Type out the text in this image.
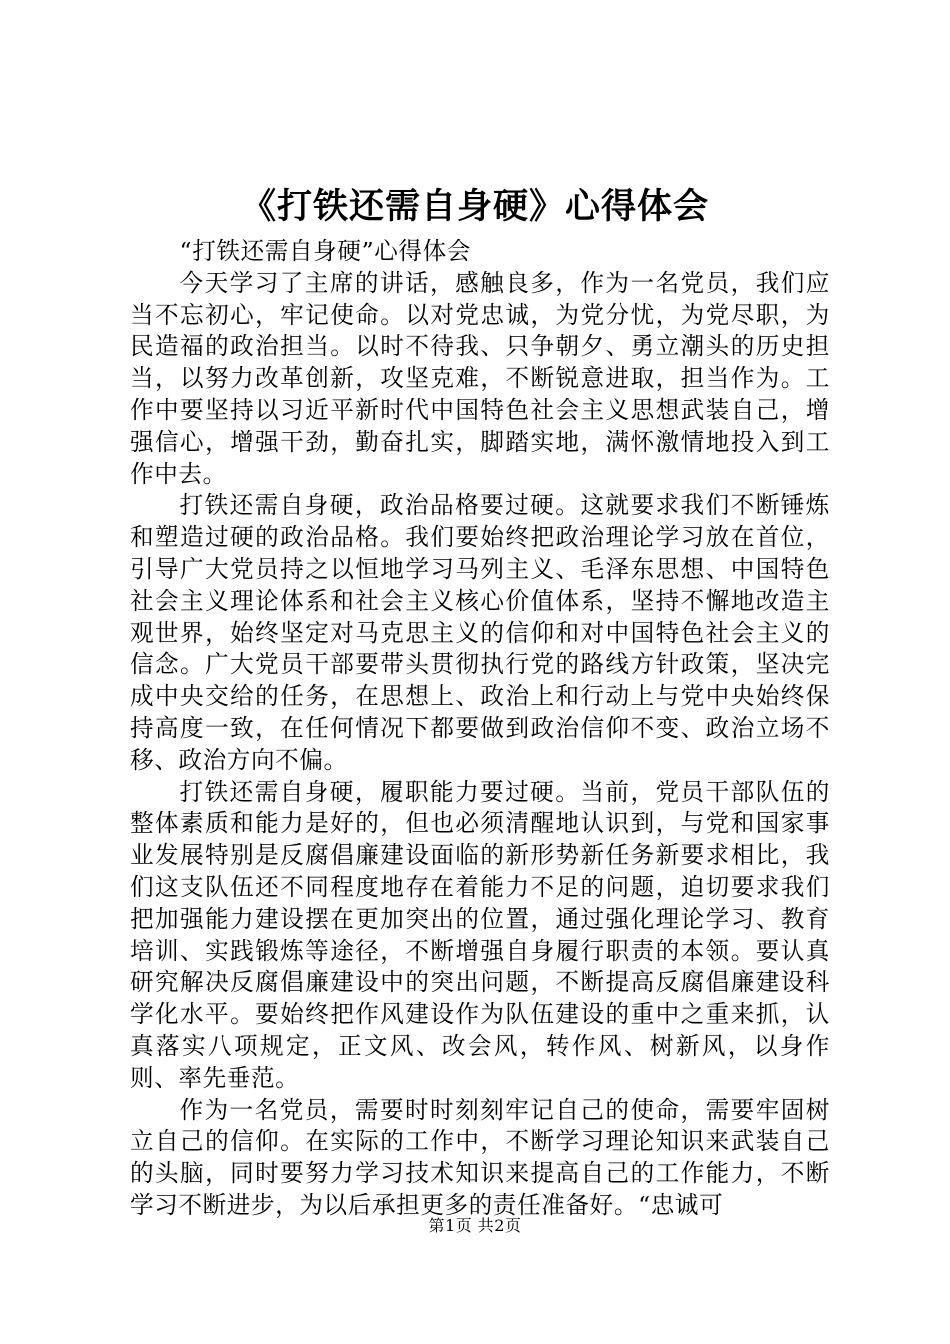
《打铁还需自身硬》心得体会

“打铁还需自身硬”心得体会

今天学习了主席的讲话，感触良多，作为一名党员，我们应当不忘初心，牢记使命。以对党忠诚，为党分忧，为党尽职，为民造福的政治担当。以时不待我、只争朝夕、勇立潮头的历史担当，以努力改革创新，攻坚克难，不断锐意进取，担当作为。工作中要坚持以习近平新时代中国特色社会主义思想武装自己，增强信心，增强干劲，勤奋扎实，脚踏实地，满怀激情地投入到工作中去。

打铁还需自身硬，政治品格要过硬。这就要求我们不断锤炼和塑造过硬的政治品格。我们要始终把政治理论学习放在首位，引导广大党员持之以恒地学习马列主义、毛泽东思想、中国特色社会主义理论体系和社会主义核心价值体系，坚持不懈地改造主观世界，始终坚定对马克思主义的信仰和对中国特色社会主义的信念。广大党员干部要带头贯彻执行党的路线方针政策，坚决完成中央交给的任务，在思想上、政治上和行动上与党中央始终保持高度一致，在任何情况下都要做到政治信仰不变、政治立场不移、政治方向不偏。

打铁还需自身硬，履职能力要过硬。当前，党员干部队伍的整体素质和能力是好的，但也必须清醒地认识到，与党和国家事业发展特别是反腐倡廉建设面临的新形势新任务新要求相比，我们这支队伍还不同程度地存在着能力不足的问题，迫切要求我们把加强能力建设摆在更加突出的位置，通过强化理论学习、教育培训、实践锻炼等途径，不断增强自身履行职责的本领。要认真研究解决反腐倡廉建设中的突出问题，不断提高反腐倡廉建设科学化水平。要始终把作风建设作为队伍建设的重中之重来抓，认真落实八项规定，正文风、改会风，转作风、树新风，以身作则、率先垂范。

作为一名党员，需要时时刻刻牢记自己的使命，需要牢固树立自己的信仰。在实际的工作中，不断学习理论知识来武装自己的头脑，同时要努力学习技术知识来提高自己的工作能力，不断学习不断进步，为以后承担更多的责任准备好。“忠诚可

第1页 共2页
